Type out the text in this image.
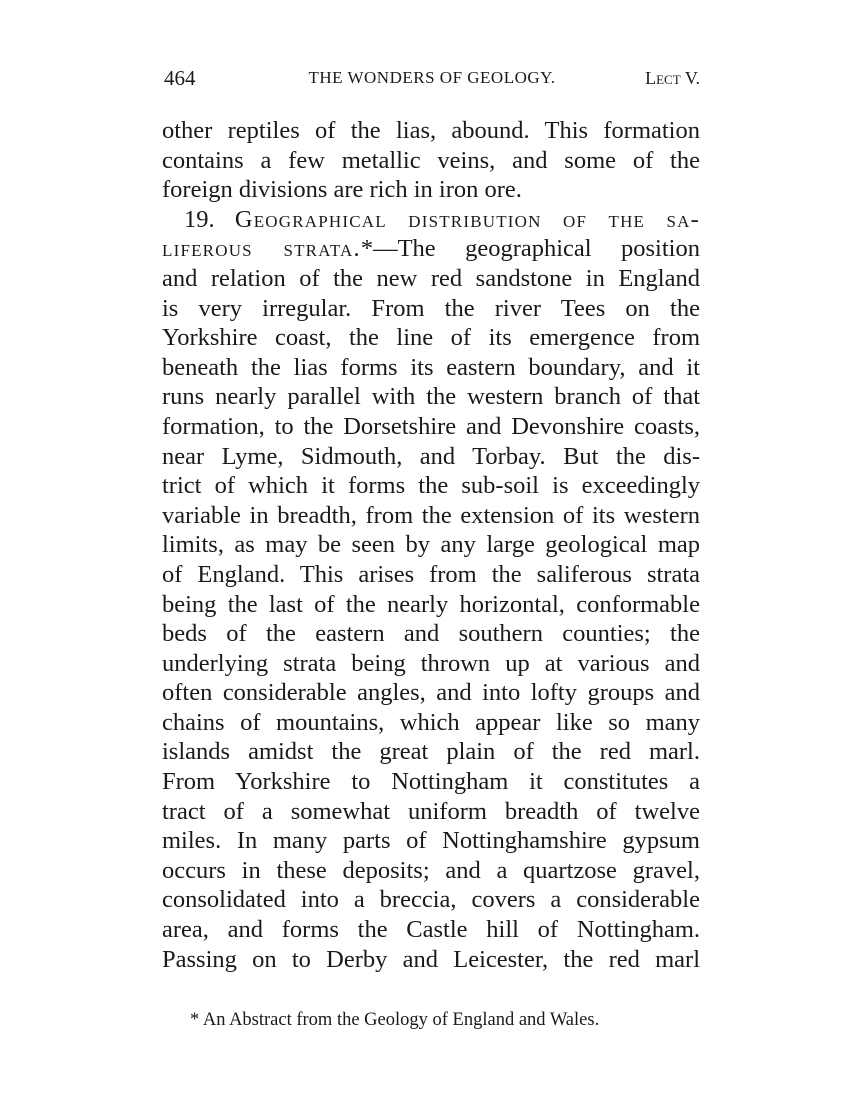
464	THE WONDERS OF GEOLOGY.	Lect V.
other reptiles of the lias, abound. This formation
contains a few metallic veins, and some of the
foreign divisions are rich in iron ore.
19. Geographical distribution of the sa-
liferous strata.*—The geographical position
and relation of the new red sandstone in England
is very irregular. From the river Tees on the
Yorkshire coast, the line of its emergence from
beneath the lias forms its eastern boundary, and it
runs nearly parallel with the western branch of that
formation, to the Dorsetshire and Devonshire coasts,
near Lyme, Sidmouth, and Torbay. But the dis-
trict of which it forms the sub-soil is exceedingly
variable in breadth, from the extension of its western
limits, as may be seen by any large geological map
of England. This arises from the saliferous strata
being the last of the nearly horizontal, conformable
beds of the eastern and southern counties; the
underlying strata being thrown up at various and
often considerable angles, and into lofty groups and
chains of mountains, which appear like so many
islands amidst the great plain of the red marl.
From Yorkshire to Nottingham it constitutes a
tract of a somewhat uniform breadth of twelve
miles. In many parts of Nottinghamshire gypsum
occurs in these deposits; and a quartzose gravel,
consolidated into a breccia, covers a considerable
area, and forms the Castle hill of Nottingham.
Passing on to Derby and Leicester, the red marl
* An Abstract from the Geology of England and Wales.
